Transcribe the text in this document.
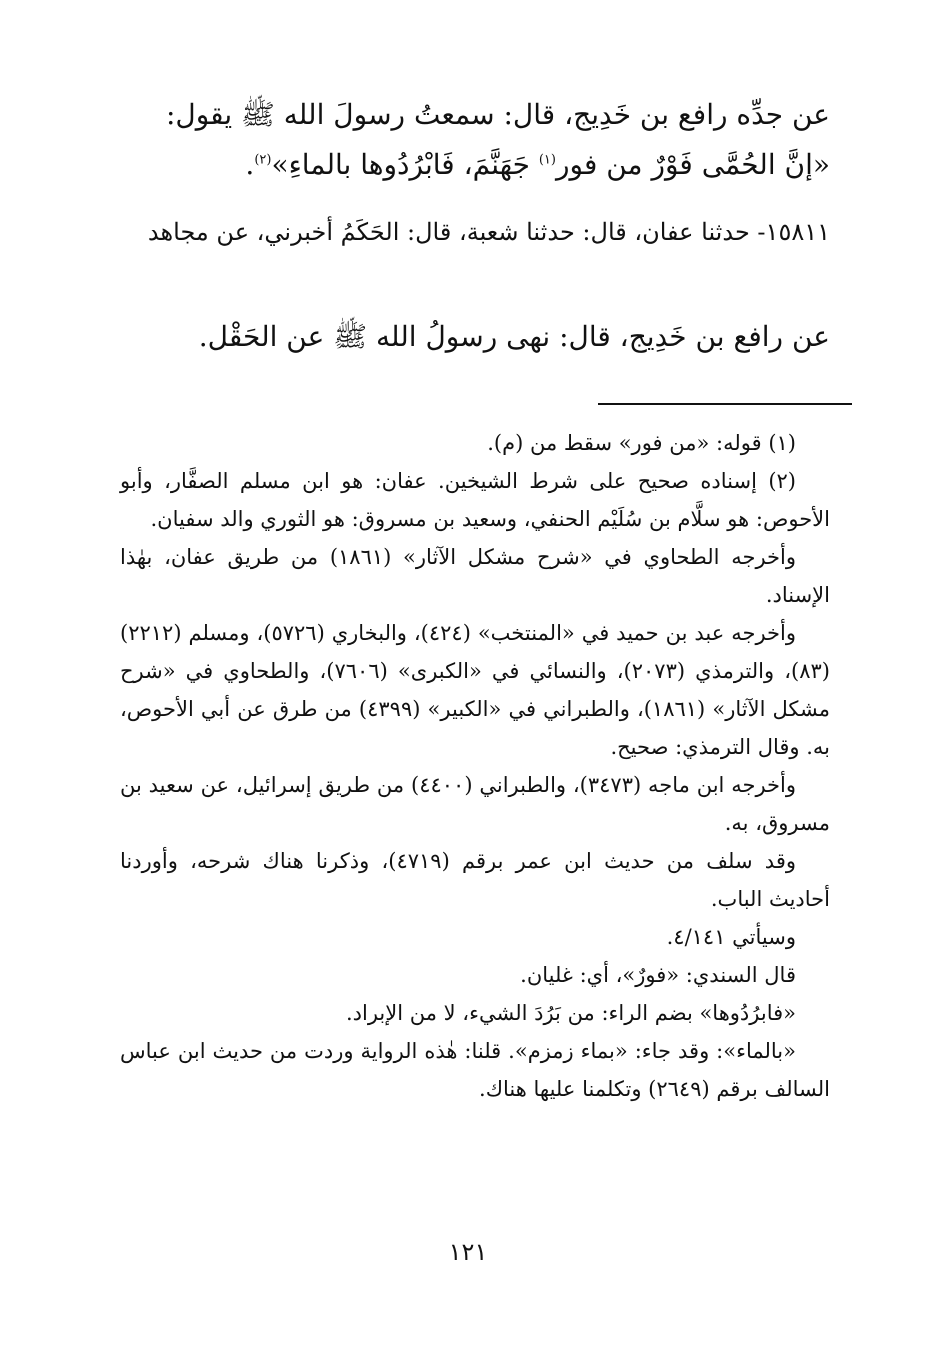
عن جدِّه رافع بن خَدِيج، قال: سمعتُ رسولَ الله ﷺ يقول:
«إنَّ الحُمَّى فَوْرٌ من فور$^{(١)}$ جَهَنَّمَ، فَابْرُدُوها بالماءِ»$^{(٢)}$.
١٥٨١١- حدثنا عفان، قال: حدثنا شعبة، قال: الحَكَمُ أخبرني، عن مجاهد
عن رافع بن خَدِيج، قال: نهى رسولُ الله ﷺ عن الحَقْل.
(١) قوله: «من فور» سقط من (م).
(٢) إسناده صحيح على شرط الشيخين. عفان: هو ابن مسلم الصفَّار، وأبو الأحوص: هو سلَّام بن سُلَيْم الحنفي، وسعيد بن مسروق: هو الثوري والد سفيان.
وأخرجه الطحاوي في «شرح مشكل الآثار» (١٨٦١) من طريق عفان، بهٰذا الإسناد.
وأخرجه عبد بن حميد في «المنتخب» (٤٢٤)، والبخاري (٥٧٢٦)، ومسلم (٢٢١٢) (٨٣)، والترمذي (٢٠٧٣)، والنسائي في «الكبرى» (٧٦٠٦)، والطحاوي في «شرح مشكل الآثار» (١٨٦١)، والطبراني في «الكبير» (٤٣٩٩) من طرق عن أبي الأحوص، به. وقال الترمذي: صحيح.
وأخرجه ابن ماجه (٣٤٧٣)، والطبراني (٤٤٠٠) من طريق إسرائيل، عن سعيد بن مسروق، به.
وقد سلف من حديث ابن عمر برقم (٤٧١٩)، وذكرنا هناك شرحه، وأوردنا أحاديث الباب.
وسيأتي ٤/١٤١.
قال السندي: «فورٌ»، أي: غليان.
«فابرُدُوها» بضم الراء: من بَرُدَ الشيء، لا من الإبراد.
«بالماء»: وقد جاء: «بماء زمزم». قلنا: هٰذه الرواية وردت من حديث ابن عباس السالف برقم (٢٦٤٩) وتكلمنا عليها هناك.
١٢١
